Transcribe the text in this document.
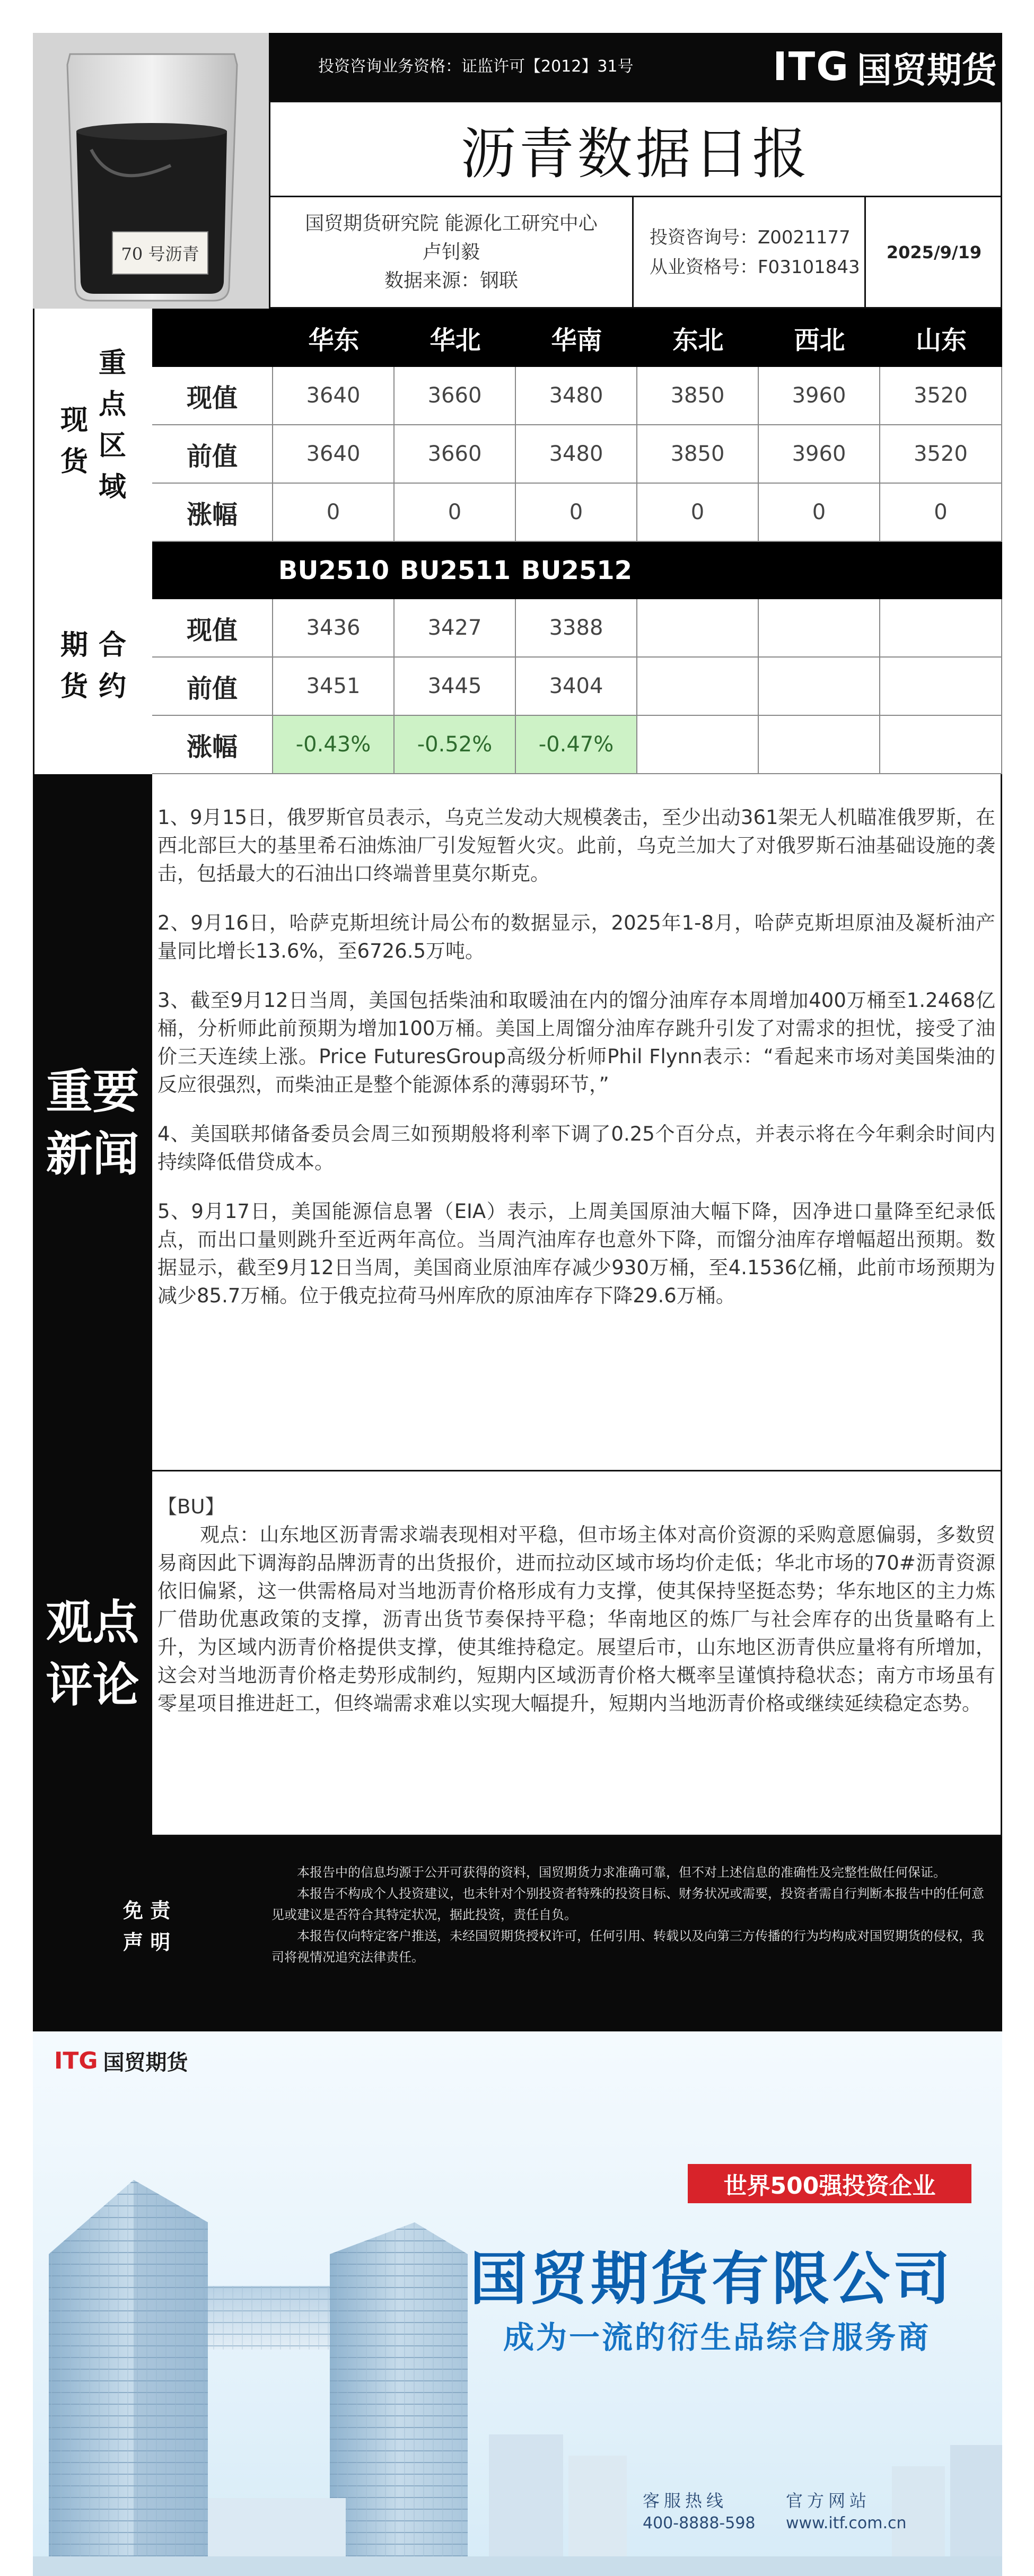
70 号沥青
投资咨询业务资格：证监许可【2012】31号	ITG 国贸期货
沥青数据日报
国贸期货研究院 能源化工研究中心
卢钊毅
数据来源：钢联
投资咨询号：Z0021177
从业资格号：F03101843
2025/9/19
现
货
重
点
区
域
华东	华北	华南	东北	西北	山东
现值	3640	3660	3480	3850	3960	3520
前值	3640	3660	3480	3850	3960	3520
涨幅	0	0	0	0	0	0
期
货
合
约
BU2510 BU2511 BU2512
现值	3436	3427	3388
前值	3451	3445	3404
涨幅	-0.43%	-0.52%	-0.47%
重要
新闻

1、9月15日，俄罗斯官员表示，乌克兰发动大规模袭击，至少出动361架无人机瞄准俄罗斯，在西北部巨大的基里希石油炼油厂引发短暂火灾。此前，乌克兰加大了对俄罗斯石油基础设施的袭击，包括最大的石油出口终端普里莫尔斯克。

2、9月16日，哈萨克斯坦统计局公布的数据显示，2025年1-8月，哈萨克斯坦原油及凝析油产量同比增长13.6%，至6726.5万吨。

3、截至9月12日当周，美国包括柴油和取暖油在内的馏分油库存本周增加400万桶至1.2468亿桶，分析师此前预期为增加100万桶。美国上周馏分油库存跳升引发了对需求的担忧，接受了油价三天连续上涨。Price FuturesGroup高级分析师Phil Flynn表示：“看起来市场对美国柴油的反应很强烈，而柴油正是整个能源体系的薄弱环节，”

4、美国联邦储备委员会周三如预期般将利率下调了0.25个百分点，并表示将在今年剩余时间内持续降低借贷成本。

5、9月17日，美国能源信息署（EIA）表示，上周美国原油大幅下降，因净进口量降至纪录低点，而出口量则跳升至近两年高位。当周汽油库存也意外下降，而馏分油库存增幅超出预期。数据显示，截至9月12日当周，美国商业原油库存减少930万桶，至4.1536亿桶，此前市场预期为减少85.7万桶。位于俄克拉荷马州库欣的原油库存下降29.6万桶。

观点
评论
【BU】
观点：山东地区沥青需求端表现相对平稳，但市场主体对高价资源的采购意愿偏弱，多数贸易商因此下调海韵品牌沥青的出货报价，进而拉动区域市场均价走低；华北市场的70#沥青资源依旧偏紧，这一供需格局对当地沥青价格形成有力支撑，使其保持坚挺态势；华东地区的主力炼厂借助优惠政策的支撑，沥青出货节奏保持平稳；华南地区的炼厂与社会库存的出货量略有上升，为区域内沥青价格提供支撑，使其维持稳定。展望后市，山东地区沥青供应量将有所增加，这会对当地沥青价格走势形成制约，短期内区域沥青价格大概率呈谨慎持稳状态；南方市场虽有零星项目推进赶工，但终端需求难以实现大幅提升，短期内当地沥青价格或继续延续稳定态势。
免 责
声 明

本报告中的信息均源于公开可获得的资料，国贸期货力求准确可靠，但不对上述信息的准确性及完整性做任何保证。

本报告不构成个人投资建议，也未针对个别投资者特殊的投资目标、财务状况或需要，投资者需自行判断本报告中的任何意见或建议是否符合其特定状况，据此投资，责任自负。

本报告仅向特定客户推送，未经国贸期货授权许可，任何引用、转载以及向第三方传播的行为均构成对国贸期货的侵权，我司将视情况追究法律责任。

ITG 国贸期货
世界500强投资企业
国贸期货有限公司
成为一流的衍生品综合服务商
客服热线
400-8888-598
官方网站
www.itf.com.cn
